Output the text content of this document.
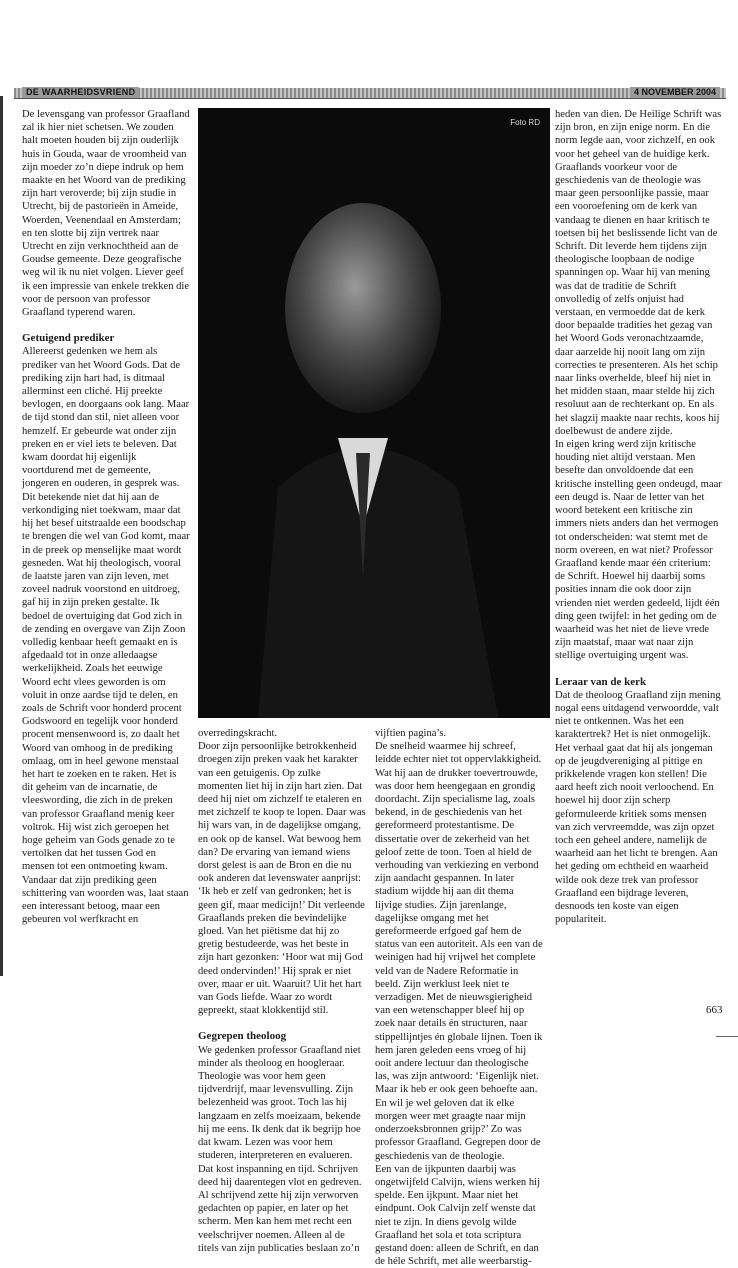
DE WAARHEIDSVRIEND	4 NOVEMBER 2004

De levensgang van professor Graafland zal ik hier niet schetsen. We zouden halt moeten houden bij zijn ouderlijk huis in Gouda, waar de vroomheid van zijn moeder zo’n diepe indruk op hem maakte en het Woord van de prediking zijn hart veroverde; bij zijn studie in Utrecht, bij de pastorieën in Ameide, Woerden, Veenendaal en Amsterdam; en ten slotte bij zijn vertrek naar Utrecht en zijn verknochtheid aan de Goudse gemeente. Deze geografische weg wil ik nu niet volgen. Liever geef ik een impressie van enkele trekken die voor de persoon van professor Graafland typerend waren.

Getuigend prediker

Allereerst gedenken we hem als prediker van het Woord Gods. Dat de prediking zijn hart had, is ditmaal allerminst een cliché. Hij preekte bevlogen, en doorgaans ook lang. Maar de tijd stond dan stil, niet alleen voor hemzelf. Er gebeurde wat onder zijn preken en er viel iets te beleven. Dat kwam doordat hij eigenlijk voortdurend met de gemeente, jongeren en ouderen, in gesprek was. Dit betekende niet dat hij aan de verkondiging niet toekwam, maar dat hij het besef uitstraalde een boodschap te brengen die wel van God komt, maar in de preek op menselijke maat wordt gesneden. Wat hij theologisch, vooral de laatste jaren van zijn leven, met zoveel nadruk voorstond en uitdroeg, gaf hij in zijn preken gestalte. Ik bedoel de overtuiging dat God zich in de zending en overgave van Zijn Zoon volledig kenbaar heeft gemaakt en is afgedaald tot in onze alledaagse werkelijkheid. Zoals het eeuwige Woord echt vlees geworden is om voluit in onze aardse tijd te delen, en zoals de Schrift voor honderd procent Godswoord en tegelijk voor honderd procent mensenwoord is, zo daalt het Woord van omhoog in de prediking omlaag, om in heel gewone menstaal het hart te zoeken en te raken. Het is dit geheim van de incarnatie, de vleeswording, die zich in de preken van professor Graafland menig keer voltrok. Hij wist zich geroepen het hoge geheim van Gods genade zo te vertolken dat het tussen God en mensen tot een ontmoeting kwam. Vandaar dat zijn prediking geen schittering van woorden was, laat staan een interessant betoog, maar een gebeuren vol werfkracht en

Foto RD

overredingskracht.

Door zijn persoonlijke betrokkenheid droegen zijn preken vaak het karakter van een getuigenis. Op zulke momenten liet hij in zijn hart zien. Dat deed hij niet om zichzelf te etaleren en met zichzelf te koop te lopen. Daar was hij wars van, in de dagelijkse omgang, en ook op de kansel. Wat bewoog hem dan? De ervaring van iemand wiens dorst gelest is aan de Bron en die nu ook anderen dat levenswater aanprijst: ‘Ik heb er zelf van gedronken; het is geen gif, maar medicijn!’ Dit verleende Graaflands preken die bevindelijke gloed. Van het piëtisme dat hij zo gretig bestudeerde, was het beste in zijn hart gezonken: ‘Hoor wat mij God deed ondervinden!’ Hij sprak er niet over, maar er uit. Waaruit? Uit het hart van Gods liefde. Waar zo wordt gepreekt, staat klokkentijd stil.

Gegrepen theoloog

We gedenken professor Graafland niet minder als theoloog en hoogleraar. Theologie was voor hem geen tijdverdrijf, maar levensvulling. Zijn belezenheid was groot. Toch las hij langzaam en zelfs moeizaam, bekende hij me eens. Ik denk dat ik begrijp hoe dat kwam. Lezen was voor hem studeren, interpreteren en evalueren. Dat kost inspanning en tijd. Schrijven deed hij daarentegen vlot en gedreven. Al schrijvend zette hij zijn verworven gedachten op papier, en later op het scherm. Men kan hem met recht een veelschrijver noemen. Alleen al de titels van zijn publicaties beslaan zo’n

vijftien pagina’s.

De snelheid waarmee hij schreef, leidde echter niet tot oppervlakkigheid. Wat hij aan de drukker toevertrouwde, was door hem heengegaan en grondig doordacht. Zijn specialisme lag, zoals bekend, in de geschiedenis van het gereformeerd protestantisme. De dissertatie over de zekerheid van het geloof zette de toon. Toen al hield de verhouding van verkiezing en verbond zijn aandacht gespannen. In later stadium wijdde hij aan dit thema lijvige studies. Zijn jarenlange, dagelijkse omgang met het gereformeerde erfgoed gaf hem de status van een autoriteit. Als een van de weinigen had hij vrijwel het complete veld van de Nadere Reformatie in beeld. Zijn werklust leek niet te verzadigen. Met de nieuwsgierigheid van een wetenschapper bleef hij op zoek naar details én structuren, naar stippellijntjes én globale lijnen. Toen ik hem jaren geleden eens vroeg of hij ooit andere lectuur dan theologische las, was zijn antwoord: ‘Eigenlijk niet. Maar ik heb er ook geen behoefte aan. En wil je wel geloven dat ik elke morgen weer met graagte naar mijn onderzoeksbronnen grijp?’ Zo was professor Graafland. Gegrepen door de geschiedenis van de theologie.

Een van de ijkpunten daarbij was ongetwijfeld Calvijn, wiens werken hij spelde. Een ijkpunt. Maar niet het eindpunt. Ook Calvijn zelf wenste dat niet te zijn. In diens gevolg wilde Graafland het sola et tota scriptura gestand doen: alleen de Schrift, en dan de héle Schrift, met alle weerbarstig-

heden van dien. De Heilige Schrift was zijn bron, en zijn enige norm. En die norm legde aan, voor zichzelf, en ook voor het geheel van de huidige kerk. Graaflands voorkeur voor de geschiedenis van de theologie was maar geen persoonlijke passie, maar een vooroefening om de kerk van vandaag te dienen en haar kritisch te toetsen bij het beslissende licht van de Schrift. Dit leverde hem tijdens zijn theologische loopbaan de nodige spanningen op. Waar hij van mening was dat de traditie de Schrift onvolledig of zelfs onjuist had verstaan, en vermoedde dat de kerk door bepaalde tradities het gezag van het Woord Gods veronachtzaamde, daar aarzelde hij nooit lang om zijn correcties te presenteren. Als het schip naar links overhelde, bleef hij niet in het midden staan, maar stelde hij zich resoluut aan de rechterkant op. En als het slagzij maakte naar rechts, koos hij doelbewust de andere zijde.

In eigen kring werd zijn kritische houding niet altijd verstaan. Men besefte dan onvoldoende dat een kritische instelling geen ondeugd, maar een deugd is. Naar de letter van het woord betekent een kritische zin immers niets anders dan het vermogen tot onderscheiden: wat stemt met de norm overeen, en wat niet? Professor Graafland kende maar één criterium: de Schrift. Hoewel hij daarbij soms posities innam die ook door zijn vrienden niet werden gedeeld, lijdt één ding geen twijfel: in het geding om de waarheid was het niet de lieve vrede zijn maatstaf, maar wat naar zijn stellige overtuiging urgent was.

Leraar van de kerk

Dat de theoloog Graafland zijn mening nogal eens uitdagend verwoordde, valt niet te ontkennen. Was het een karaktertrek? Het is niet onmogelijk. Het verhaal gaat dat hij als jongeman op de jeugdvereniging al pittige en prikkelende vragen kon stellen! Die aard heeft zich nooit verloochend. En hoewel hij door zijn scherp geformuleerde kritiek soms mensen van zich vervreemdde, was zijn opzet toch een geheel andere, namelijk de waarheid aan het licht te brengen. Aan het geding om echtheid en waarheid wilde ook deze trek van professor Graafland een bijdrage leveren, desnoods ten koste van eigen populariteit.

663
